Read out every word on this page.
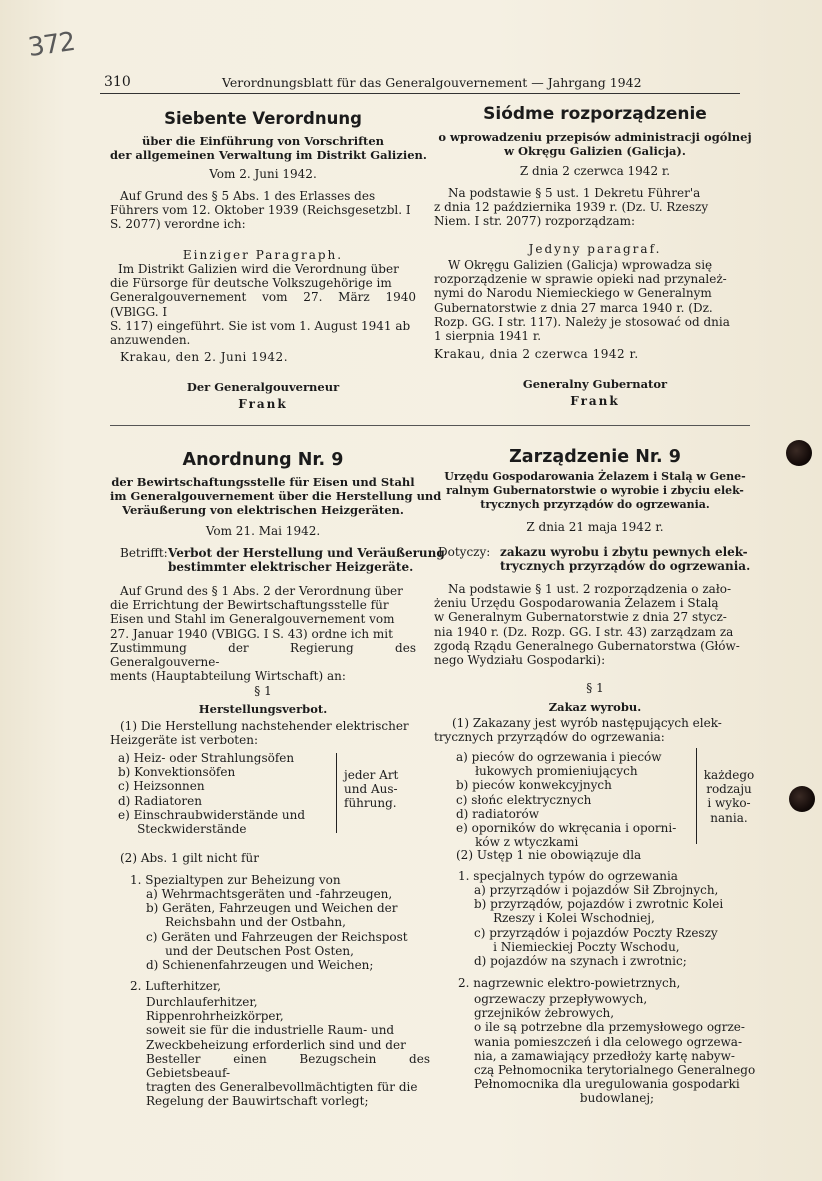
372
310	Verordnungsblatt für das Generalgouvernement — Jahrgang 1942
Siebente Verordnung
über die Einführung von Vorschriften
der allgemeinen Verwaltung im Distrikt Galizien.
Vom 2. Juni 1942.
Auf Grund des § 5 Abs. 1 des Erlasses des
Führers vom 12. Oktober 1939 (Reichsgesetzbl. I
S. 2077) verordne ich:
Einziger Paragraph.
Im Distrikt Galizien wird die Verordnung über
die Fürsorge für deutsche Volkszugehörige im
Generalgouvernement vom 27. März 1940 (VBlGG. I
S. 117) eingeführt. Sie ist vom 1. August 1941 ab
anzuwenden.
Krakau, den 2. Juni 1942.
Der Generalgouverneur
Frank
Anordnung Nr. 9
der Bewirtschaftungsstelle für Eisen und Stahl
im Generalgouvernement über die Herstellung und
Veräußerung von elektrischen Heizgeräten.
Vom 21. Mai 1942.
Betrifft: Verbot der Herstellung und Veräußerung
bestimmter elektrischer Heizgeräte.
Auf Grund des § 1 Abs. 2 der Verordnung über
die Errichtung der Bewirtschaftungsstelle für
Eisen und Stahl im Generalgouvernement vom
27. Januar 1940 (VBlGG. I S. 43) ordne ich mit
Zustimmung der Regierung des Generalgouverne-
ments (Hauptabteilung Wirtschaft) an:
§ 1
Herstellungsverbot.
(1) Die Herstellung nachstehender elektrischer
Heizgeräte ist verboten:
a) Heiz- oder Strahlungsöfen
b) Konvektionsöfen
c) Heizsonnen
d) Radiatoren
e) Einschraubwiderstände und
Steckwiderstände
jeder Art
und Aus-
führung.
(2) Abs. 1 gilt nicht für
1. Spezialtypen zur Beheizung von
a) Wehrmachtsgeräten und -fahrzeugen,
b) Geräten, Fahrzeugen und Weichen der
Reichsbahn und der Ostbahn,
c) Geräten und Fahrzeugen der Reichspost
und der Deutschen Post Osten,
d) Schienenfahrzeugen und Weichen;
2. Lufterhitzer,
Durchlauferhitzer,
Rippenrohrheizkörper,
soweit sie für die industrielle Raum- und
Zweckbeheizung erforderlich sind und der
Besteller einen Bezugschein des Gebietsbeauf-
tragten des Generalbevollmächtigten für die
Regelung der Bauwirtschaft vorlegt;
Siódme rozporządzenie
o wprowadzeniu przepisów administracji ogólnej
w Okręgu Galizien (Galicja).
Z dnia 2 czerwca 1942 r.
Na podstawie § 5 ust. 1 Dekretu Führer'a
z dnia 12 października 1939 r. (Dz. U. Rzeszy
Niem. I str. 2077) rozporządzam:
Jedyny paragraf.
W Okręgu Galizien (Galicja) wprowadza się
rozporządzenie w sprawie opieki nad przynależ-
nymi do Narodu Niemieckiego w Generalnym
Gubernatorstwie z dnia 27 marca 1940 r. (Dz.
Rozp. GG. I str. 117). Należy je stosować od dnia
1 sierpnia 1941 r.
Krakau, dnia 2 czerwca 1942 r.
Generalny Gubernator
Frank
Zarządzenie Nr. 9
Urzędu Gospodarowania Żelazem i Stalą w Gene-
ralnym Gubernatorstwie o wyrobie i zbyciu elek-
trycznych przyrządów do ogrzewania.
Z dnia 21 maja 1942 r.
Dotyczy: zakazu wyrobu i zbytu pewnych elek-
trycznych przyrządów do ogrzewania.
Na podstawie § 1 ust. 2 rozporządzenia o zało-
żeniu Urzędu Gospodarowania Żelazem i Stalą
w Generalnym Gubernatorstwie z dnia 27 stycz-
nia 1940 r. (Dz. Rozp. GG. I str. 43) zarządzam za
zgodą Rządu Generalnego Gubernatorstwa (Głów-
nego Wydziału Gospodarki):
§ 1
Zakaz wyrobu.
(1) Zakazany jest wyrób następujących elek-
trycznych przyrządów do ogrzewania:
a) pieców do ogrzewania i pieców
łukowych promieniujących
b) pieców konwekcyjnych
c) słońc elektrycznych
d) radiatorów
e) oporników do wkręcania i oporni-
ków z wtyczkami
każdego
rodzaju
i wyko-
nania.
(2) Ustęp 1 nie obowiązuje dla
1. specjalnych typów do ogrzewania
a) przyrządów i pojazdów Sił Zbrojnych,
b) przyrządów, pojazdów i zwrotnic Kolei
Rzeszy i Kolei Wschodniej,
c) przyrządów i pojazdów Poczty Rzeszy
i Niemieckiej Poczty Wschodu,
d) pojazdów na szynach i zwrotnic;
2. nagrzewnic elektro-powietrznych,
ogrzewaczy przepływowych,
grzejników żebrowych,
o ile są potrzebne dla przemysłowego ogrze-
wania pomieszczeń i dla celowego ogrzewa-
nia, a zamawiający przedłoży kartę nabyw-
czą Pełnomocnika terytorialnego Generalnego
Pełnomocnika dla uregulowania gospodarki
budowlanej;
